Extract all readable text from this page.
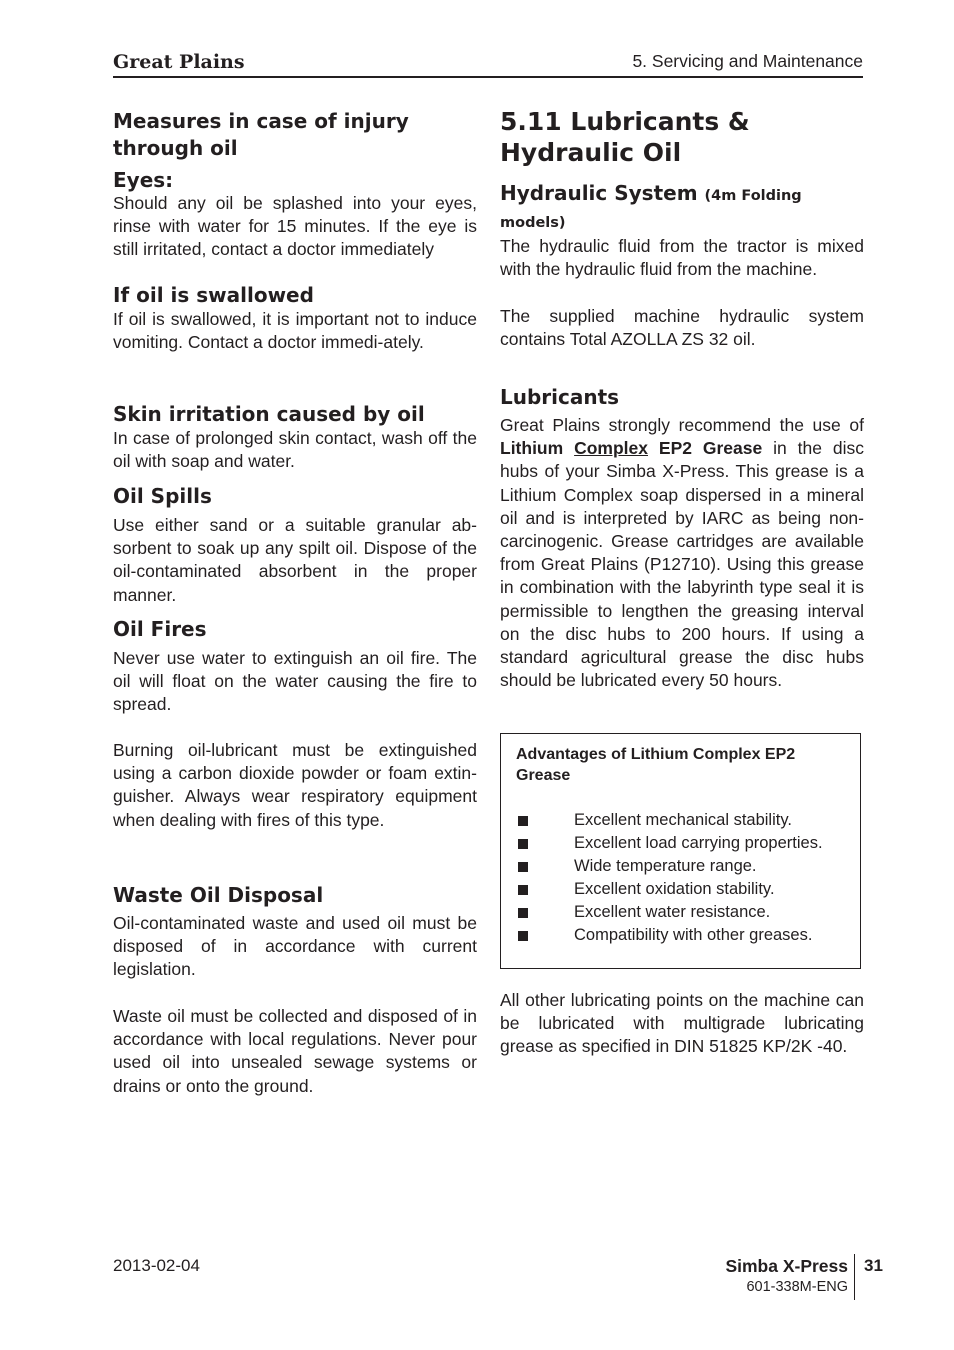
Great Plains	5. Servicing and Maintenance
Measures in case of injury through oil
Eyes:

Should any oil be splashed into your eyes, rinse with water for 15 minutes. If the eye is still irritated, contact a doctor immediately

If oil is swallowed

If oil is swallowed, it is important not to induce vomiting. Contact a doctor immedi-ately.

Skin irritation caused by oil

In case of prolonged skin contact, wash off the oil with soap and water.

Oil Spills

Use either sand or a suitable granular ab-sorbent to soak up any spilt oil. Dispose of the oil-contaminated absorbent in the proper manner.

Oil Fires

Never use water to extinguish an oil fire. The oil will float on the water causing the fire to spread.

Burning oil-lubricant must be extinguished using a carbon dioxide powder or foam extin-guisher. Always wear respiratory equipment when dealing with fires of this type.

Waste Oil Disposal

Oil-contaminated waste and used oil must be disposed of in accordance with current legislation.

Waste oil must be collected and disposed of in accordance with local regulations. Never pour used oil into unsealed sewage systems or drains or onto the ground.

5.11 Lubricants & Hydraulic Oil
Hydraulic System (4m Folding models)

The hydraulic fluid from the tractor is mixed with the hydraulic fluid from the machine.

The supplied machine hydraulic system contains Total AZOLLA ZS 32 oil.

Lubricants

Great Plains strongly recommend the use of Lithium Complex EP2 Grease in the disc hubs of your Simba X-Press. This grease is a Lithium Complex soap dispersed in a mineral oil and is interpreted by IARC as being non-carcinogenic. Grease cartridges are available from Great Plains (P12710). Using this grease in combination with the labyrinth type seal it is permissible to lengthen the greasing interval on the disc hubs to 200 hours. If using a standard agricultural grease the disc hubs should be lubricated every 50 hours.

Advantages of Lithium Complex EP2 Grease
Excellent mechanical stability.
Excellent load carrying properties.
Wide temperature range.
Excellent oxidation stability.
Excellent water resistance.
Compatibility with other greases.

All other lubricating points on the machine can be lubricated with multigrade lubricating grease as specified in DIN 51825 KP/2K -40.

2013-02-04	Simba X-Press
601-338M-ENG
31
